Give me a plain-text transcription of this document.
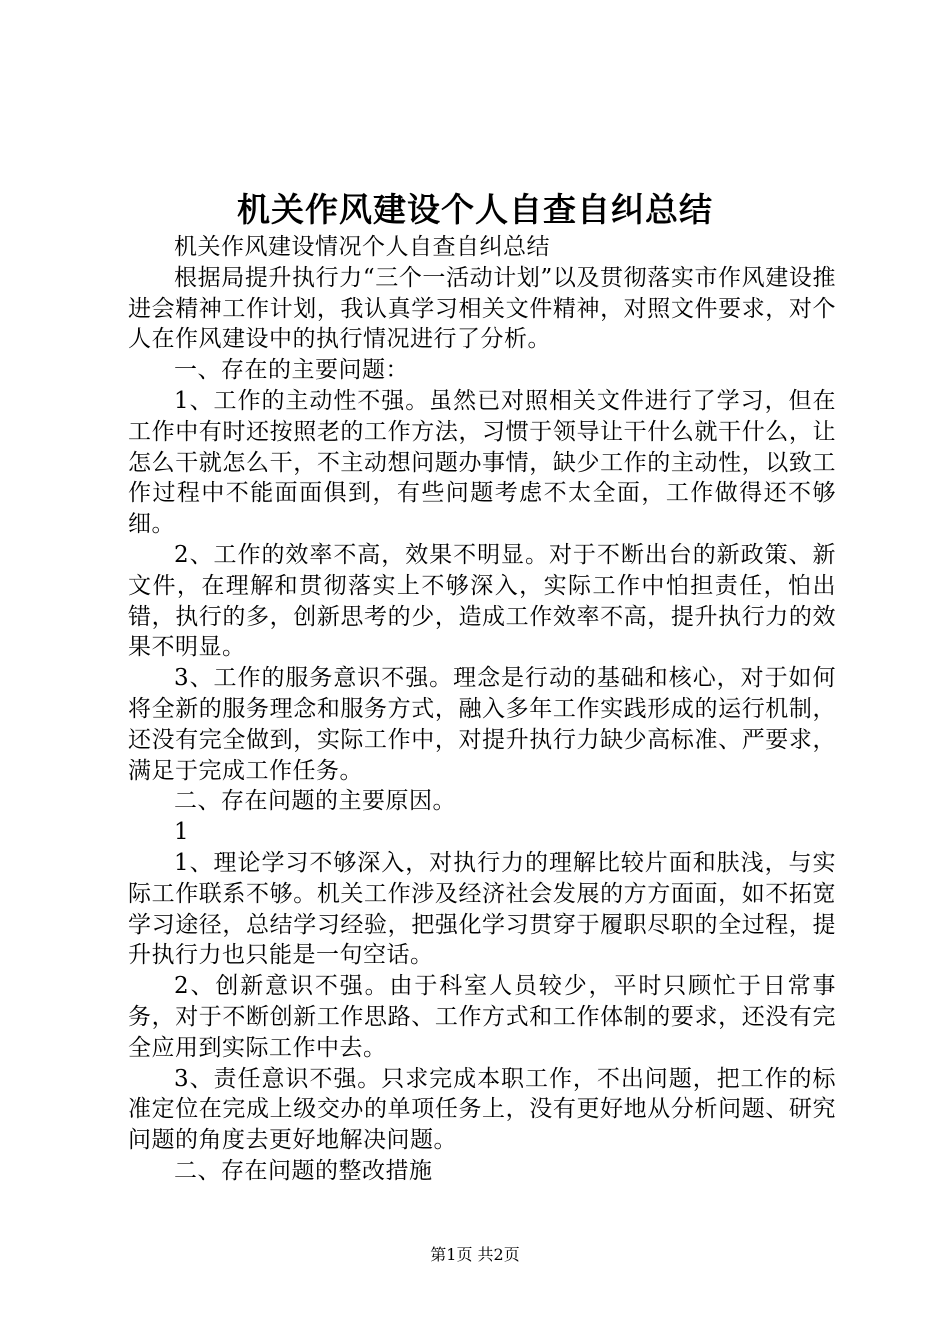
机关作风建设个人自查自纠总结

机关作风建设情况个人自查自纠总结

根据局提升执行力“三个一活动计划”以及贯彻落实市作风建设推进会精神工作计划，我认真学习相关文件精神，对照文件要求，对个人在作风建设中的执行情况进行了分析。

一、存在的主要问题：

1、工作的主动性不强。虽然已对照相关文件进行了学习，但在工作中有时还按照老的工作方法，习惯于领导让干什么就干什么，让怎么干就怎么干，不主动想问题办事情，缺少工作的主动性，以致工作过程中不能面面俱到，有些问题考虑不太全面，工作做得还不够细。

2、工作的效率不高，效果不明显。对于不断出台的新政策、新文件，在理解和贯彻落实上不够深入，实际工作中怕担责任，怕出错，执行的多，创新思考的少，造成工作效率不高，提升执行力的效果不明显。

3、工作的服务意识不强。理念是行动的基础和核心，对于如何将全新的服务理念和服务方式，融入多年工作实践形成的运行机制，还没有完全做到，实际工作中，对提升执行力缺少高标准、严要求，满足于完成工作任务。

二、存在问题的主要原因。

1

1、理论学习不够深入，对执行力的理解比较片面和肤浅，与实际工作联系不够。机关工作涉及经济社会发展的方方面面，如不拓宽学习途径，总结学习经验，把强化学习贯穿于履职尽职的全过程，提升执行力也只能是一句空话。

2、创新意识不强。由于科室人员较少，平时只顾忙于日常事务，对于不断创新工作思路、工作方式和工作体制的要求，还没有完全应用到实际工作中去。

3、责任意识不强。只求完成本职工作，不出问题，把工作的标准定位在完成上级交办的单项任务上，没有更好地从分析问题、研究问题的角度去更好地解决问题。

二、存在问题的整改措施

第1页 共2页
